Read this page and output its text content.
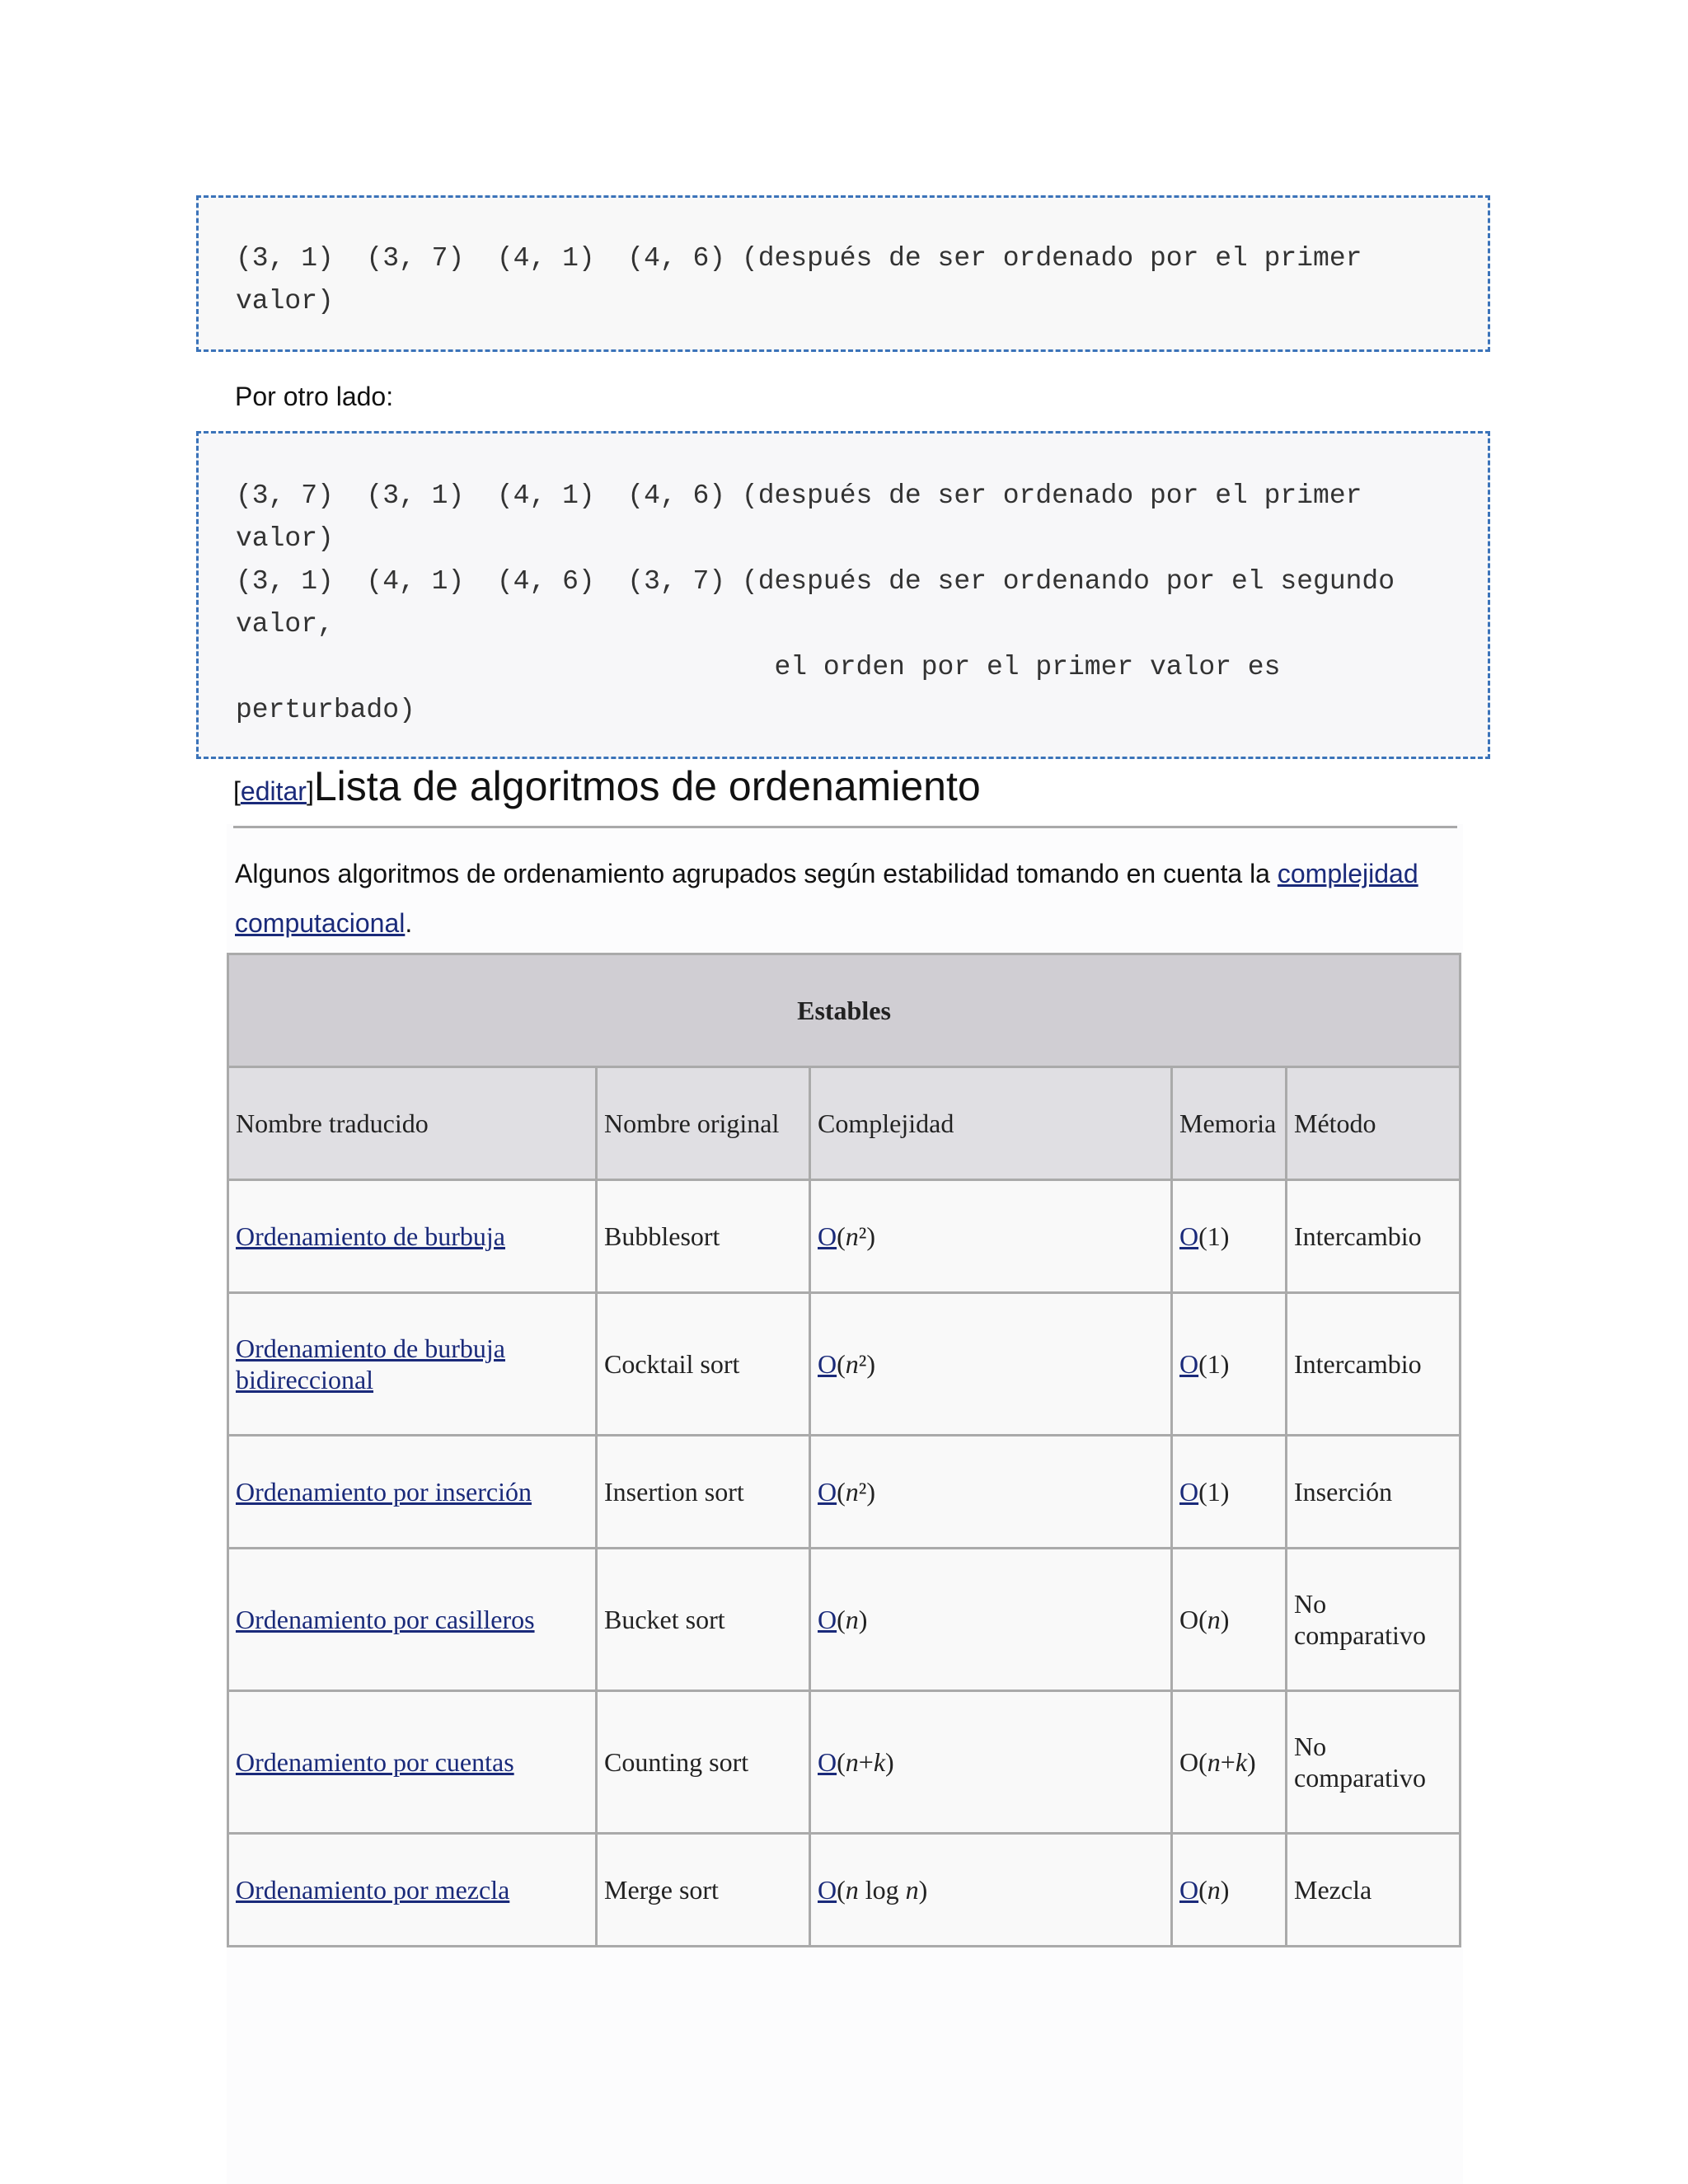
(3, 1)  (3, 7)  (4, 1)  (4, 6) (después de ser ordenado por el primer

valor)

Por otro lado:

(3, 7)  (3, 1)  (4, 1)  (4, 6) (después de ser ordenado por el primer

valor)

(3, 1)  (4, 1)  (4, 6)  (3, 7) (después de ser ordenando por el segundo

valor,

el orden por el primer valor es

perturbado)

[editar]Lista de algoritmos de ordenamiento

Algunos algoritmos de ordenamiento agrupados según estabilidad tomando en cuenta la complejidad computacional.

Estables				
Nombre traducido	Nombre original	Complejidad	Memoria	Método
Ordenamiento de burbuja	Bubblesort	O(n²)	O(1)	Intercambio
Ordenamiento de burbuja bidireccional	Cocktail sort	O(n²)	O(1)	Intercambio
Ordenamiento por inserción	Insertion sort	O(n²)	O(1)	Inserción
Ordenamiento por casilleros	Bucket sort	O(n)	O(n)	No comparativo
Ordenamiento por cuentas	Counting sort	O(n+k)	O(n+k)	No comparativo
Ordenamiento por mezcla	Merge sort	O(n log n)	O(n)	Mezcla
